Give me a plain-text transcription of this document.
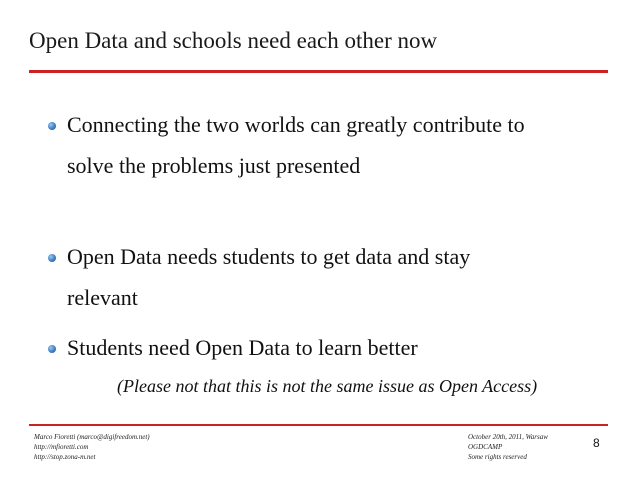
Open Data and schools need each other now
Connecting the two worlds can greatly contribute to
solve the problems just presented
Open Data needs students to get data and stay
relevant
Students need Open Data to learn better
(Please not that this is not the same issue as Open Access)
Marco Fioretti (marco@digifreedom.net)
http://mfioretti.com
http://stop.zona-m.net
October 20th, 2011, Warsaw
OGDCAMP
Some rights reserved
8
